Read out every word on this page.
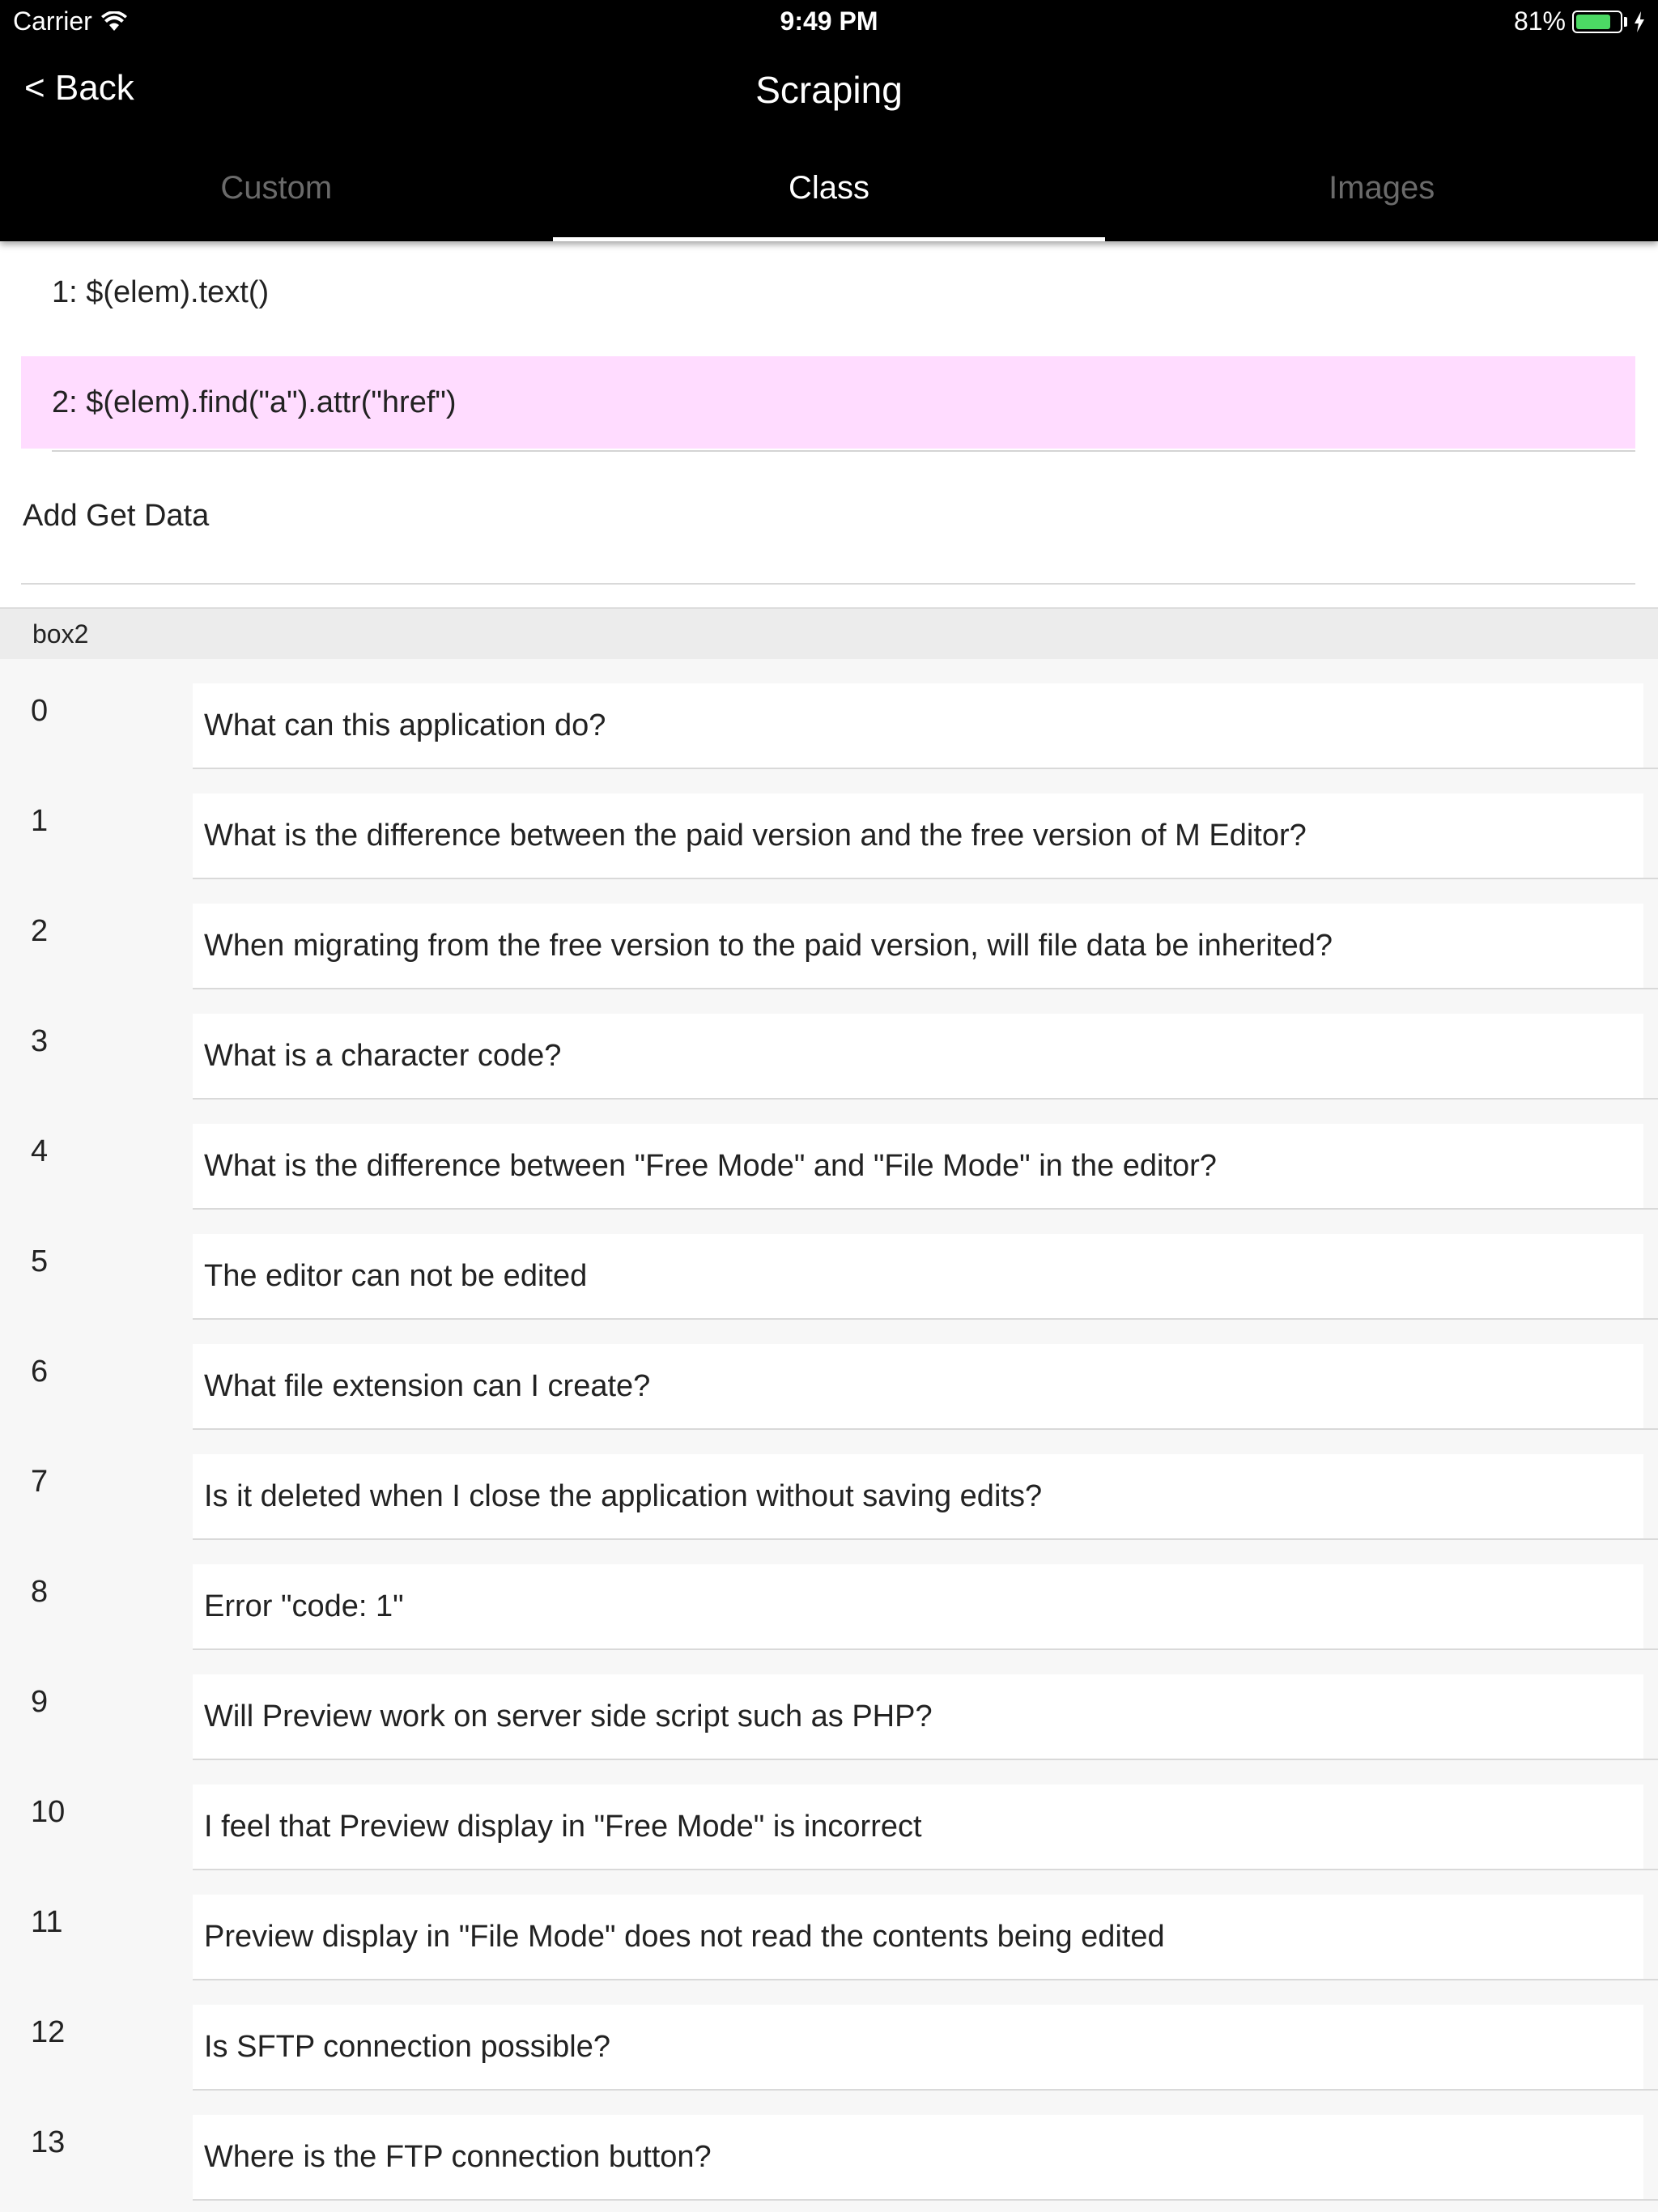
Carrier	9:49 PM	81%
< Back	Scraping
Custom	Class	Images
1: $(elem).text()
2: $(elem).find("a").attr("href")
Add Get Data
box2
0	What can this application do?
1	What is the difference between the paid version and the free version of M Editor?
2	When migrating from the free version to the paid version, will file data be inherited?
3	What is a character code?
4	What is the difference between "Free Mode" and "File Mode" in the editor?
5	The editor can not be edited
6	What file extension can I create?
7	Is it deleted when I close the application without saving edits?
8	Error "code: 1"
9	Will Preview work on server side script such as PHP?
10	I feel that Preview display in "Free Mode" is incorrect
11	Preview display in "File Mode" does not read the contents being edited
12	Is SFTP connection possible?
13	Where is the FTP connection button?
